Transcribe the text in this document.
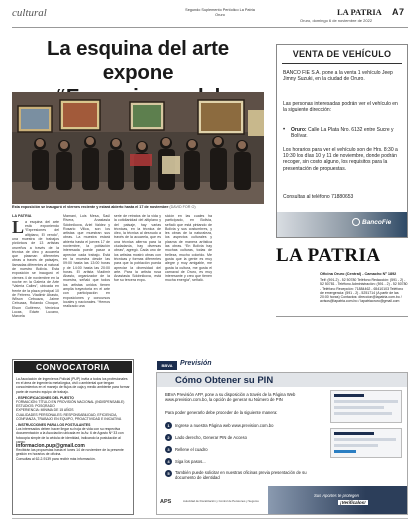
cultural	Segundo Suplemento Periódico La Patria Oruro	LA PATRIA A7
Oruro, domingo 6 de noviembre de 2022
La esquina del arte expone
Esta exposición se inauguró el viernes reciente y estará abierto hasta el 17 de noviembre (DAVID FOR O)
LA PATRIA
L a esquina del arte está exponiendo “Expresiones del altiplano, El vendo”, una muestra de trabajos pictóricos de 13 artistas orureños a través de la técnica de óleo y acuarela que plasman diferentes obras a través de paisajes, llamadas diferentes al natural de nuestro Bolivia. Esta exposición se inauguró el viernes 4 de noviembre en la noche en la Galería de Arte “Valeria Calles”, ubicada en frente de la plaza principal 10 de Febrero. Vladimir Abasto, Wilson Cebuaza, Jaime Cebuaza, Rolando Choque, Elson Gutiérrez, Verónica Lucas, Edwin Lucano, Marcela
Mamani, Luis Mesa, Saúl Rivera, Anastasia Sdobnikova, Ariel Valdez y Rosario Villca, son los artistas que muestran sus obras. La muestra estará abierta hasta el jueves 17 de noviembre, la población interesada puede pasar a apreciar cada trabajo. Está en la muestra desde las 09:00 hasta las 13:00 horas y de 14:00 hasta las 20:00 horas. El artista Vladimir Abasto, organizador de la muestra, señaló que todos los artistas unidos tienen amplia trayectoria en el arte con participación en exposiciones y concursos locales y nacionales. “Hemos realizado una
serie de retratos de la vida y la cotidianidad del altiplano y del paisaje, hay varias técnicas, en la técnica de óleo, la técnica al desnudo a través de la acuarela, que es una técnica alterna para la ciudadanía, hay diversas obras”, agregó. Cada uno de los artistas mostró obras con técnicas y formas diferentes para que la población pueda apreciar la diversidad del arte. Para la artista rusa Anastasia Sdobnikova, está fue su tercera expo-
sición en las cuales ha participado, en Bolivia, señaló que está pintando de Bolivia y sus costumbres, y les obras de la naturaleza, los aspectos culturales y plasma de manera artística las obras. “En Bolivia hay muchas culturas, todas de belleza, mucho colorido. Me gusta que la gente es muy alegre y muy amigable, me gusta la cultura, me gusta el carnaval de Oruro, es muy interesante y creo que tienen mucha energía”, señaló.
VENTA DE VEHÍCULO
BANCO FIE S.A. pone a la venta 1 vehículo Jeep Jimny Suzuki, en la ciudad de Oruro.
Las personas interesadas podrán ver el vehículo en la siguiente dirección:
• Oruro: Calle La Plata Nro. 6132 entre Sucre y Bolívar.
Los horarios para ver el vehículo son de Hrs. 8:30 a 10:30 los días 10 y 11 de noviembre, donde podrán recoger, sin costo alguno, los requisitos para la presentación de propuestas.
Consultas al teléfono 71880653
BancoFie
LA PATRIA
Oficina Oruro (Central) - Camacho Nº 1892
Telf: (591-2) - 52 50780 Teléfono Redacción: (591 - 2) - 52 50781 - Teléfono Administración: (591 - 2) - 52 50780 - Teléfono Recepción: 71884462 - 65410103 Teléfono de emergencia: (591 - 2) - 5251714 (A partir de las 20:00 horas) Contactos: direccion@lapatria.com.bo / avisos@lapatria.com.bo / lapatriaoruro@gmail.com
CONVOCATORIA
La Asociación de Ingenieros Policial (PUP) invita a todos los profesionales en el área de ingeniería metalúrgica, civil o ambiental que tengan conocimientos en el manejo de flujos de caja y medio ambiente para formar parte de nuestro equipo de trabajo.
- ESPECIFICACIONES DEL PUESTO
FORMACIÓN: TÍTULO EN PROVISIÓN NACIONAL (INDISPENSABLE)
ESTUDIOS: POSGRADO
EXPERIENCIA: MÍNIMA DE 15 AÑOS
CUALIDADES PERSONALES: RESPONSABILIDAD, EFICIENCIA, CONFIANZA, TRABAJO EN EQUIPO, PROACTIVIDAD E INICIATIVA
- INSTRUCCIONES PARA LOS POSTULANTES
Los interesados deben hacer llegar su hoja de vida con su respectiva documentación a la Asociación ubicada en la Av. 6 de Agosto Nº 33 con fotocopia simple de la cédula de identidad, indicando la postulación al cargo:
informacion.pup@gmail.com
Recibirán las propuestas hasta el lunes 14 de noviembre de la presente gestión en horarios de oficina.
Consultas al 62-2-9139 para recibir más información.
BBVA	Previsión
Cómo Obtener su PIN
BBVA Previsión AFP, pone a su disposición a través de la Página Web www.prevision.com.bo, la opción de generar su Número de PIN
Para poder generarlo debe proceder de la siguiente manera:
1	Ingrese a nuestra Página web www.prevision.com.bo
2	Lado derecho, Generar PIN de Acceso
3	Rellene el cuadro
4	Siga los pasos...
5	También puede solicitar en nuestras oficinas previa presentación de su documento de identidad
APS	Autoridad de Fiscalización y Control de Pensiones y Seguros
Sus Aportes te protegen
¡Verifícalos!
